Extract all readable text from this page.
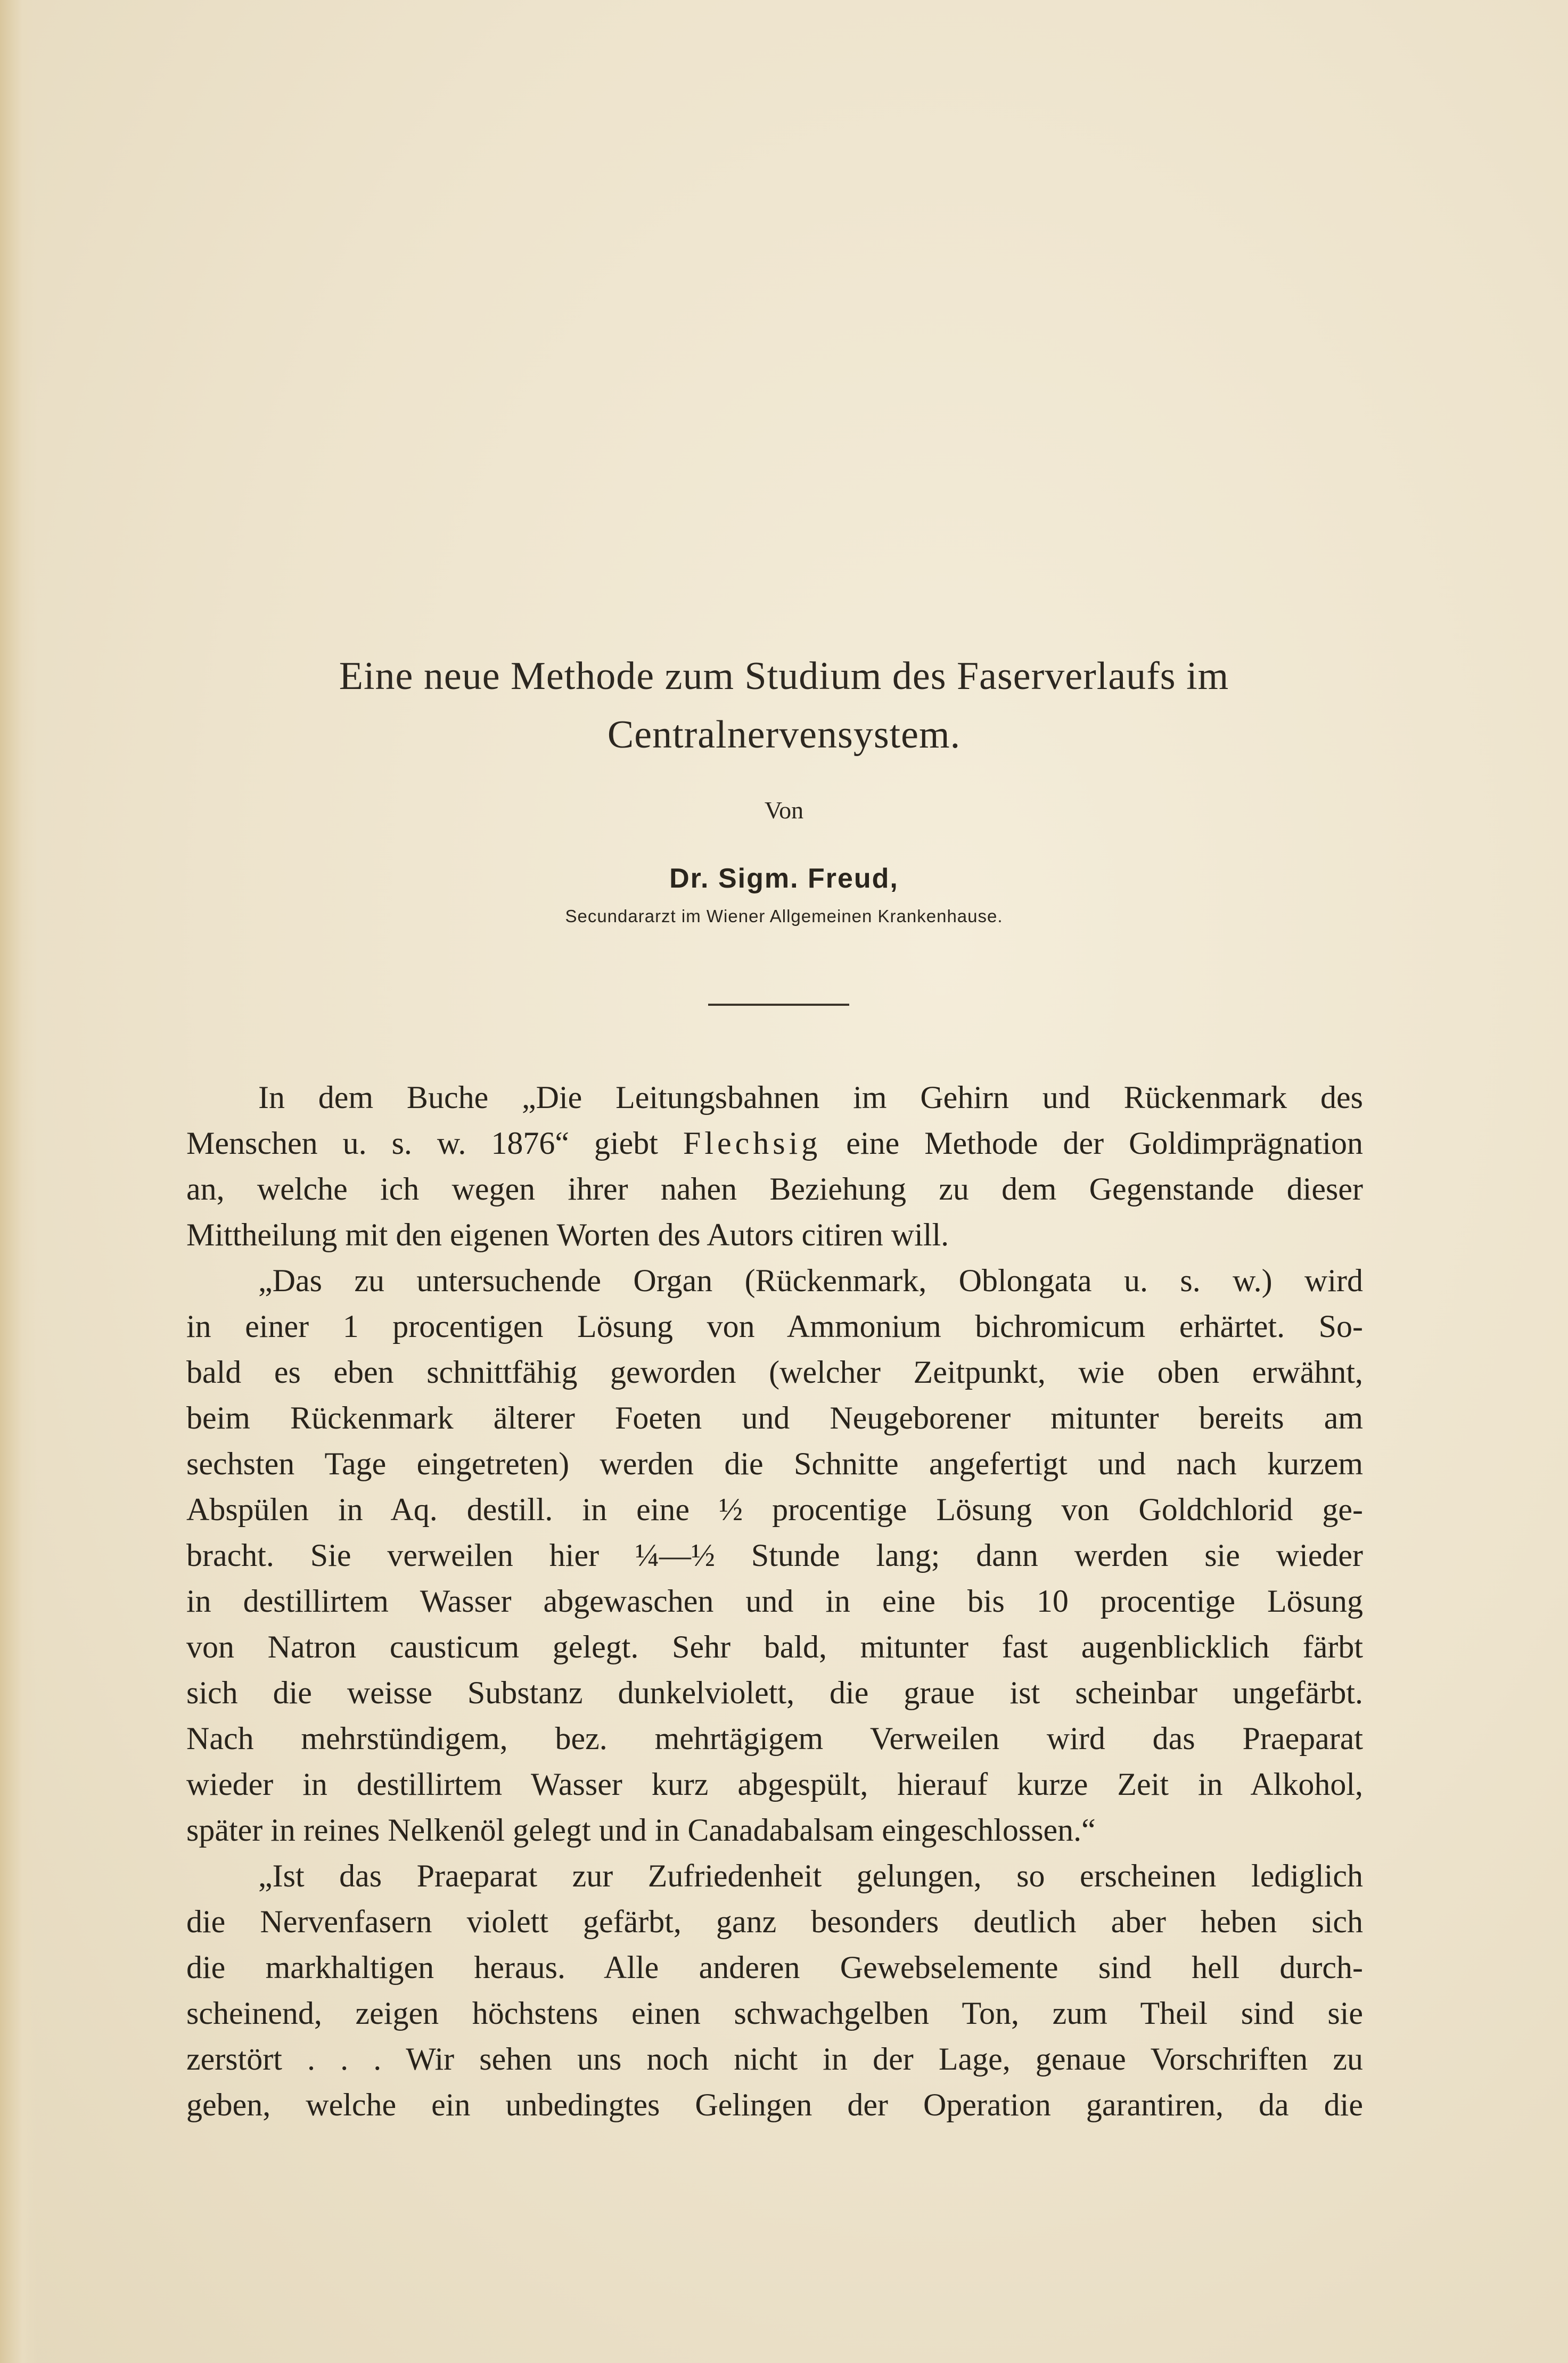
Eine neue Methode zum Studium des Faserverlaufs im
Centralnervensystem.
Von
Dr. Sigm. Freud,
Secundararzt im Wiener Allgemeinen Krankenhause.

In dem Buche „Die Leitungsbahnen im Gehirn und Rückenmark des

Menschen u. s. w. 1876“ giebt Flechsig eine Methode der Goldimprägnation

an, welche ich wegen ihrer nahen Beziehung zu dem Gegenstande dieser

Mittheilung mit den eigenen Worten des Autors citiren will.

„Das zu untersuchende Organ (Rückenmark, Oblongata u. s. w.) wird

in einer 1 procentigen Lösung von Ammonium bichromicum erhärtet. So-

bald es eben schnittfähig geworden (welcher Zeitpunkt, wie oben erwähnt,

beim Rückenmark älterer Foeten und Neugeborener mitunter bereits am

sechsten Tage eingetreten) werden die Schnitte angefertigt und nach kurzem

Abspülen in Aq. destill. in eine ½ procentige Lösung von Goldchlorid ge-

bracht. Sie verweilen hier ¼—½ Stunde lang; dann werden sie wieder

in destillirtem Wasser abgewaschen und in eine bis 10 procentige Lösung

von Natron causticum gelegt. Sehr bald, mitunter fast augenblicklich färbt

sich die weisse Substanz dunkelviolett, die graue ist scheinbar ungefärbt.

Nach mehrstündigem, bez. mehrtägigem Verweilen wird das Praeparat

wieder in destillirtem Wasser kurz abgespült, hierauf kurze Zeit in Alkohol,

später in reines Nelkenöl gelegt und in Canadabalsam eingeschlossen.“

„Ist das Praeparat zur Zufriedenheit gelungen, so erscheinen lediglich

die Nervenfasern violett gefärbt, ganz besonders deutlich aber heben sich

die markhaltigen heraus. Alle anderen Gewebselemente sind hell durch-

scheinend, zeigen höchstens einen schwachgelben Ton, zum Theil sind sie

zerstört . . . Wir sehen uns noch nicht in der Lage, genaue Vorschriften zu

geben, welche ein unbedingtes Gelingen der Operation garantiren, da die
